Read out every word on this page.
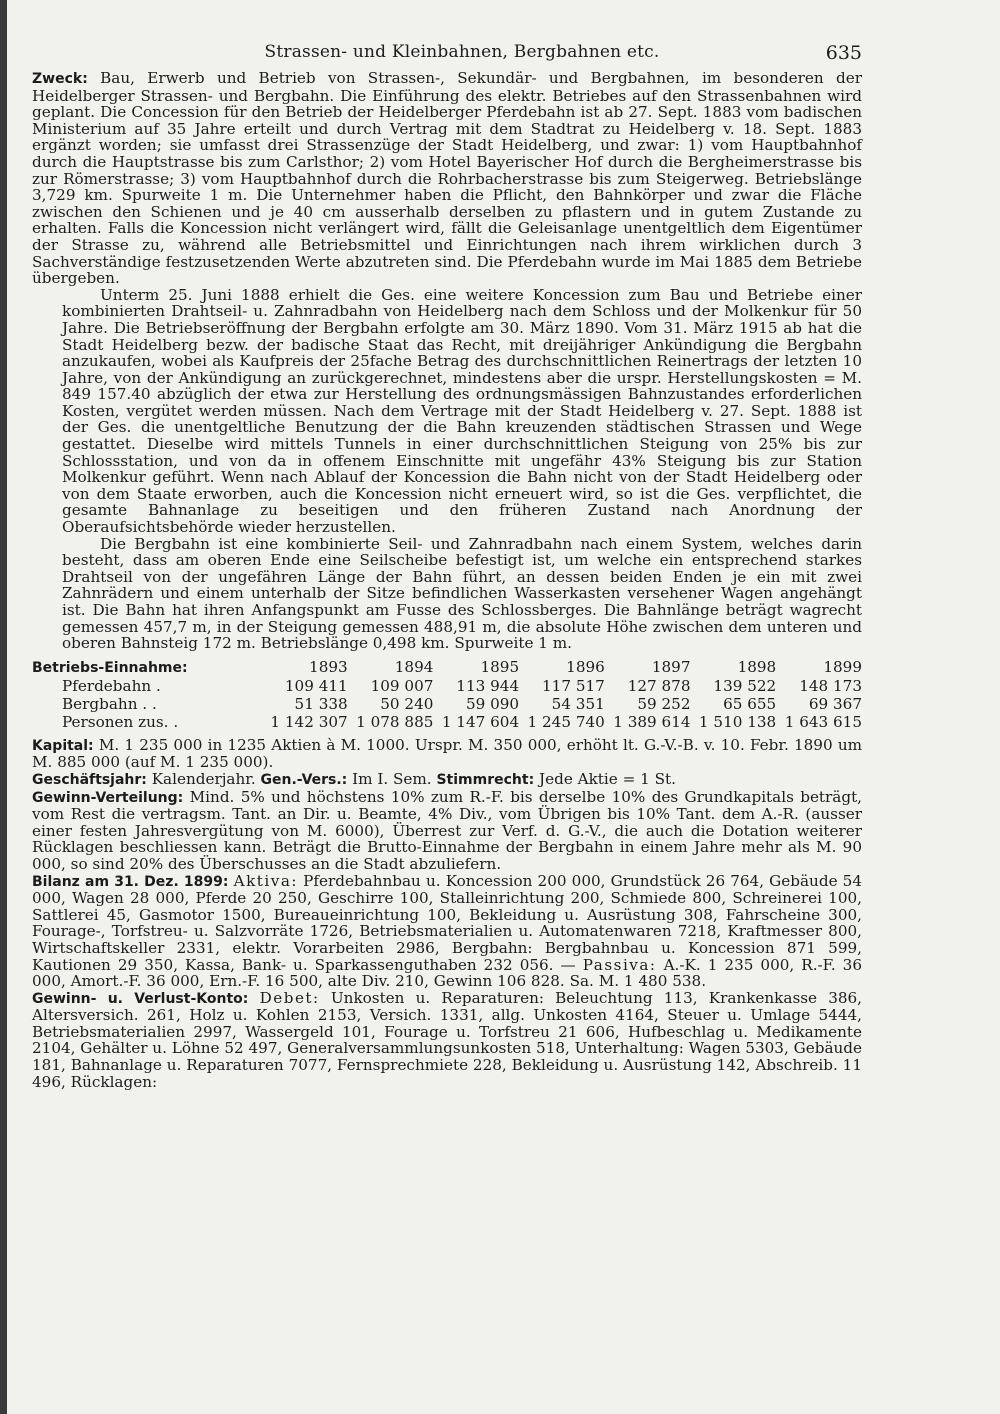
Strassen- und Kleinbahnen, Bergbahnen etc.	635

Zweck: Bau, Erwerb und Betrieb von Strassen-, Sekundär- und Bergbahnen, im besonderen der Heidelberger Strassen- und Bergbahn. Die Einführung des elektr. Betriebes auf den Strassenbahnen wird geplant. Die Concession für den Betrieb der Heidelberger Pferdebahn ist ab 27. Sept. 1883 vom badischen Ministerium auf 35 Jahre erteilt und durch Vertrag mit dem Stadtrat zu Heidelberg v. 18. Sept. 1883 ergänzt worden; sie umfasst drei Strassenzüge der Stadt Heidelberg, und zwar: 1) vom Hauptbahnhof durch die Hauptstrasse bis zum Carlsthor; 2) vom Hotel Bayerischer Hof durch die Bergheimerstrasse bis zur Römerstrasse; 3) vom Hauptbahnhof durch die Rohrbacherstrasse bis zum Steigerweg. Betriebslänge 3,729 km. Spurweite 1 m. Die Unternehmer haben die Pflicht, den Bahnkörper und zwar die Fläche zwischen den Schienen und je 40 cm ausserhalb derselben zu pflastern und in gutem Zustande zu erhalten. Falls die Koncession nicht verlängert wird, fällt die Geleisanlage unentgeltlich dem Eigentümer der Strasse zu, während alle Betriebsmittel und Einrichtungen nach ihrem wirklichen durch 3 Sachverständige festzusetzenden Werte abzutreten sind. Die Pferdebahn wurde im Mai 1885 dem Betriebe übergeben.

Unterm 25. Juni 1888 erhielt die Ges. eine weitere Koncession zum Bau und Betriebe einer kombinierten Drahtseil- u. Zahnradbahn von Heidelberg nach dem Schloss und der Molkenkur für 50 Jahre. Die Betriebseröffnung der Bergbahn erfolgte am 30. März 1890. Vom 31. März 1915 ab hat die Stadt Heidelberg bezw. der badische Staat das Recht, mit dreijähriger Ankündigung die Bergbahn anzukaufen, wobei als Kaufpreis der 25fache Betrag des durchschnittlichen Reinertrags der letzten 10 Jahre, von der Ankündigung an zurückgerechnet, mindestens aber die urspr. Herstellungskosten = M. 849 157.40 abzüglich der etwa zur Herstellung des ordnungsmässigen Bahnzustandes erforderlichen Kosten, vergütet werden müssen. Nach dem Vertrage mit der Stadt Heidelberg v. 27. Sept. 1888 ist der Ges. die unentgeltliche Benutzung der die Bahn kreuzenden städtischen Strassen und Wege gestattet. Dieselbe wird mittels Tunnels in einer durchschnittlichen Steigung von 25% bis zur Schlossstation, und von da in offenem Einschnitte mit ungefähr 43% Steigung bis zur Station Molkenkur geführt. Wenn nach Ablauf der Koncession die Bahn nicht von der Stadt Heidelberg oder von dem Staate erworben, auch die Koncession nicht erneuert wird, so ist die Ges. verpflichtet, die gesamte Bahnanlage zu beseitigen und den früheren Zustand nach Anordnung der Oberaufsichtsbehörde wieder herzustellen.

Die Bergbahn ist eine kombinierte Seil- und Zahnradbahn nach einem System, welches darin besteht, dass am oberen Ende eine Seilscheibe befestigt ist, um welche ein entsprechend starkes Drahtseil von der ungefähren Länge der Bahn führt, an dessen beiden Enden je ein mit zwei Zahnrädern und einem unterhalb der Sitze befindlichen Wasserkasten versehener Wagen angehängt ist. Die Bahn hat ihren Anfangspunkt am Fusse des Schlossberges. Die Bahnlänge beträgt wagrecht gemessen 457,7 m, in der Steigung gemessen 488,91 m, die absolute Höhe zwischen dem unteren und oberen Bahnsteig 172 m. Betriebslänge 0,498 km. Spurweite 1 m.

Betriebs-Einnahme:	1893	1894	1895	1896	1897	1898	1899
Pferdebahn .	109 411	109 007	113 944	117 517	127 878	139 522	148 173
Bergbahn . .	51 338	50 240	59 090	54 351	59 252	65 655	69 367
Personen zus. .	1 142 307	1 078 885	1 147 604	1 245 740	1 389 614	1 510 138	1 643 615

Kapital: M. 1 235 000 in 1235 Aktien à M. 1000. Urspr. M. 350 000, erhöht lt. G.-V.-B. v. 10. Febr. 1890 um M. 885 000 (auf M. 1 235 000).

Geschäftsjahr: Kalenderjahr. Gen.-Vers.: Im I. Sem. Stimmrecht: Jede Aktie = 1 St.

Gewinn-Verteilung: Mind. 5% und höchstens 10% zum R.-F. bis derselbe 10% des Grundkapitals beträgt, vom Rest die vertragsm. Tant. an Dir. u. Beamte, 4% Div., vom Übrigen bis 10% Tant. dem A.-R. (ausser einer festen Jahresvergütung von M. 6000), Überrest zur Verf. d. G.-V., die auch die Dotation weiterer Rücklagen beschliessen kann. Beträgt die Brutto-Einnahme der Bergbahn in einem Jahre mehr als M. 90 000, so sind 20% des Überschusses an die Stadt abzuliefern.

Bilanz am 31. Dez. 1899: Aktiva: Pferdebahnbau u. Koncession 200 000, Grundstück 26 764, Gebäude 54 000, Wagen 28 000, Pferde 20 250, Geschirre 100, Stalleinrichtung 200, Schmiede 800, Schreinerei 100, Sattlerei 45, Gasmotor 1500, Bureaueinrichtung 100, Bekleidung u. Ausrüstung 308, Fahrscheine 300, Fourage-, Torfstreu- u. Salzvorräte 1726, Betriebsmaterialien u. Automatenwaren 7218, Kraftmesser 800, Wirtschaftskeller 2331, elektr. Vorarbeiten 2986, Bergbahn: Bergbahnbau u. Koncession 871 599, Kautionen 29 350, Kassa, Bank- u. Sparkassenguthaben 232 056. — Passiva: A.-K. 1 235 000, R.-F. 36 000, Amort.-F. 36 000, Ern.-F. 16 500, alte Div. 210, Gewinn 106 828. Sa. M. 1 480 538.

Gewinn- u. Verlust-Konto: Debet: Unkosten u. Reparaturen: Beleuchtung 113, Krankenkasse 386, Altersversich. 261, Holz u. Kohlen 2153, Versich. 1331, allg. Unkosten 4164, Steuer u. Umlage 5444, Betriebsmaterialien 2997, Wassergeld 101, Fourage u. Torfstreu 21 606, Hufbeschlag u. Medikamente 2104, Gehälter u. Löhne 52 497, Generalversammlungsunkosten 518, Unterhaltung: Wagen 5303, Gebäude 181, Bahnanlage u. Reparaturen 7077, Fernsprechmiete 228, Bekleidung u. Ausrüstung 142, Abschreib. 11 496, Rücklagen:
